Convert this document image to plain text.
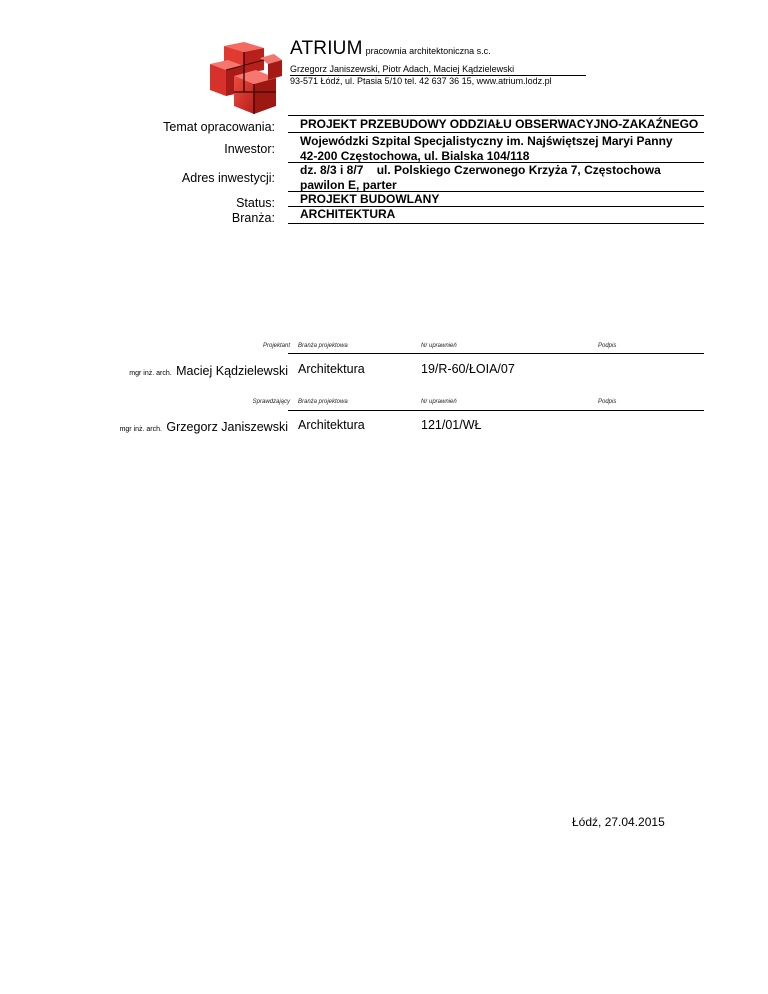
ATRIUM pracownia architektoniczna s.c.
Grzegorz Janiszewski, Piotr Adach, Maciej Kądzielewski
93-571 Łódź, ul. Ptasia 5/10 tel. 42 637 36 15, www.atrium.lodz.pl
Temat opracowania: PROJEKT PRZEBUDOWY ODDZIAŁU OBSERWACYJNO-ZAKAŹNEGO
Inwestor:
Wojewódzki Szpital Specjalistyczny im. Najświętszej Maryi Panny
42-200 Częstochowa, ul. Bialska 104/118
Adres inwestycji:
dz. 8/3 i 8/7    ul. Polskiego Czerwonego Krzyża 7, Częstochowa
pawilon E, parter
Status: PROJEKT BUDOWLANY
Branża: ARCHITEKTURA
Projektant Branża projektowa	Nr uprawnień	Podpis
mgr inż. arch. Maciej Kądzielewski Architektura	19/R-60/ŁOIA/07
Sprawdzający Branża projektowa	Nr uprawnień	Podpis
mgr inż. arch. Grzegorz Janiszewski Architektura	121/01/WŁ
Łódź, 27.04.2015
